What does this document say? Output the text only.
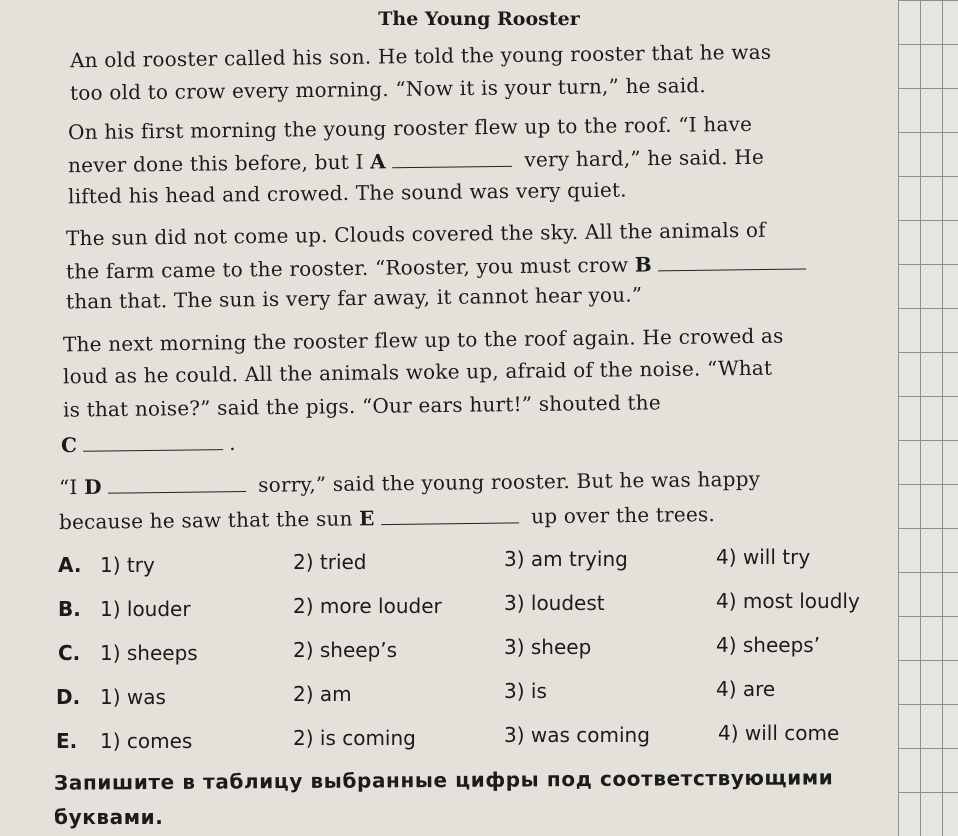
The Young Rooster
An old rooster called his son. He told the young rooster that he was
too old to crow every morning. “Now it is your turn,” he said.
On his first morning the young rooster flew up to the roof. “I have
never done this before, but I A	very hard,” he said. He
lifted his head and crowed. The sound was very quiet.
The sun did not come up. Clouds covered the sky. All the animals of
the farm came to the rooster. “Rooster, you must crow B
than that. The sun is very far away, it cannot hear you.”
The next morning the rooster flew up to the roof again. He crowed as
loud as he could. All the animals woke up, afraid of the noise. “What
is that noise?” said the pigs. “Our ears hurt!” shouted the
C	.
“I D	sorry,” said the young rooster. But he was happy
because he saw that the sun E	up over the trees.
A. 1) try	2) tried	3) am trying	4) will try
B. 1) louder	2) more louder	3) loudest	4) most loudly
C. 1) sheeps	2) sheep’s	3) sheep	4) sheeps’
D. 1) was	2) am	3) is	4) are
E. 1) comes	2) is coming	3) was coming	4) will come
Запишите в таблицу выбранные цифры под соответствующими
буквами.
